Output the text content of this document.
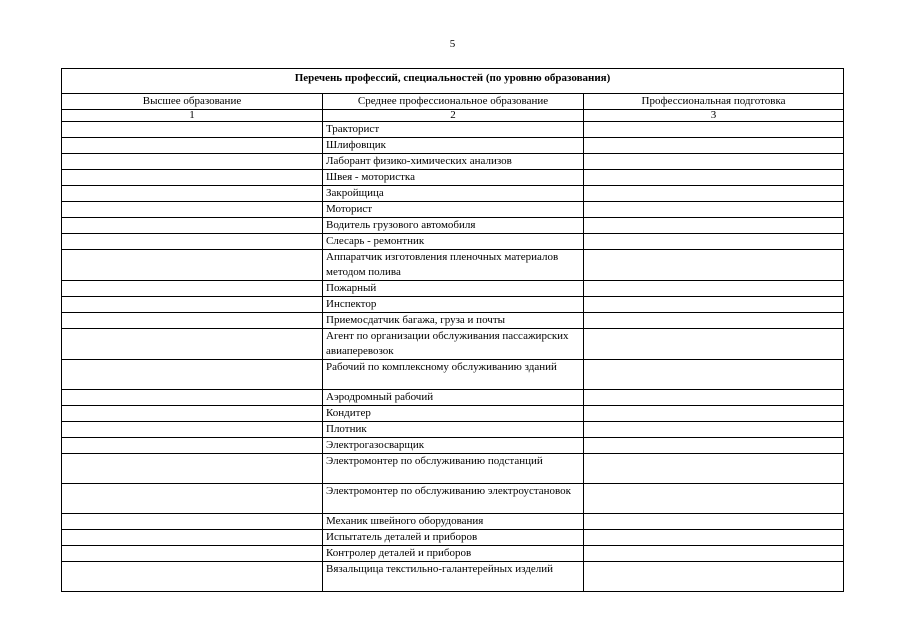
5
Перечень профессий, специальностей (по уровню образования)		
Высшее образование	Среднее профессиональное образование	Профессиональная подготовка
1	2	3
	Тракторист	
	Шлифовщик	
	Лаборант физико-химических анализов	
	Швея - мотористка	
	Закройщица	
	Моторист	
	Водитель грузового автомобиля	
	Слесарь - ремонтник	
	Аппаратчик изготовления пленочных материалов методом полива	
	Пожарный	
	Инспектор	
	Приемосдатчик багажа, груза и почты	
	Агент по организации обслуживания пассажирских авиаперевозок	
	Рабочий по комплексному обслуживанию зданий	
	Аэродромный рабочий	
	Кондитер	
	Плотник	
	Электрогазосварщик	
	Электромонтер по обслуживанию подстанций	
	Электромонтер по обслуживанию электроустановок	
	Механик швейного оборудования	
	Испытатель деталей и приборов	
	Контролер деталей и приборов	
	Вязальщица текстильно-галантерейных изделий	
